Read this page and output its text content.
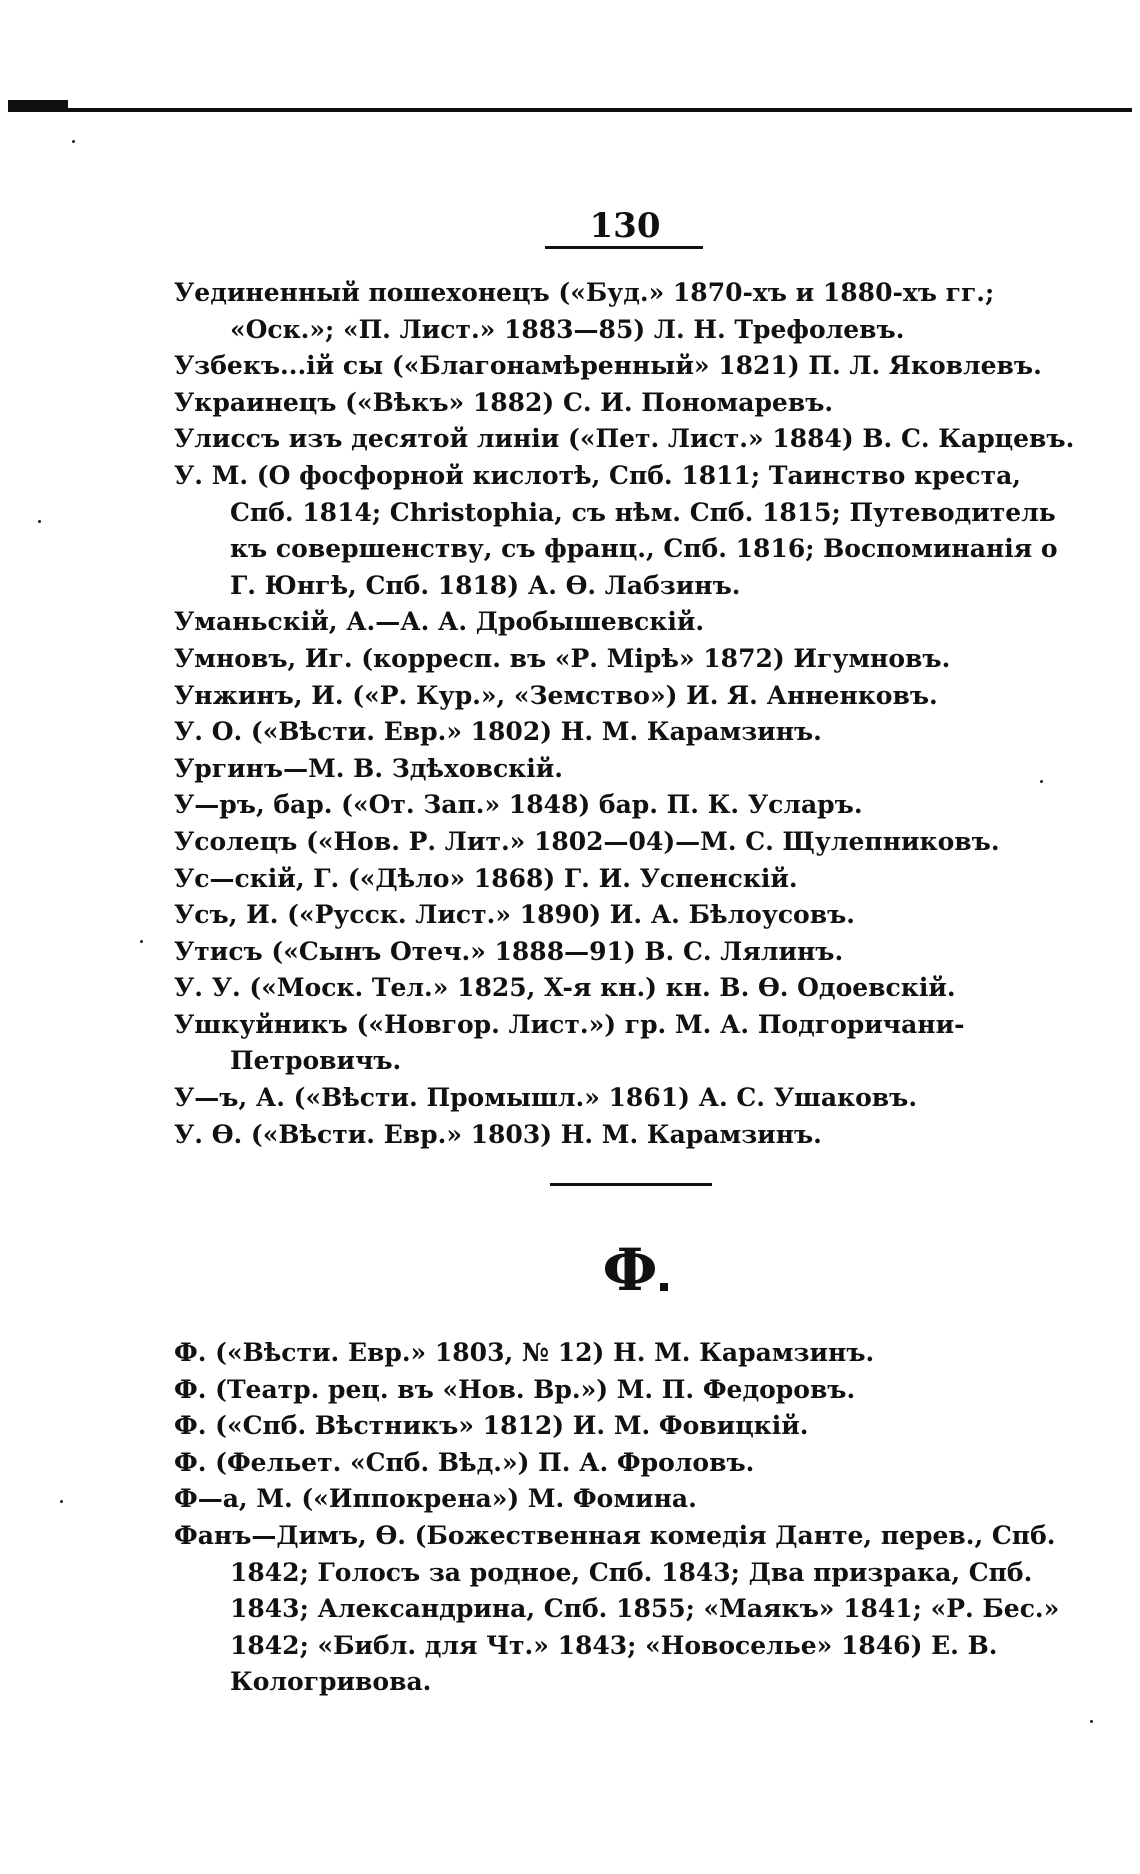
130
Уединенный пошехонецъ («Буд.» 1870-хъ и 1880-хъ гг.; «Оск.»; «П. Лист.» 1883—85) Л. Н. Трефолевъ.
Узбекъ...ій сы («Благонамѣренный» 1821) П. Л. Яковлевъ.
Украинецъ («Вѣкъ» 1882) С. И. Пономаревъ.
Улиссъ изъ десятой линіи («Пет. Лист.» 1884) В. С. Карцевъ.
У. М. (О фосфорной кислотѣ, Спб. 1811; Таинство креста, Спб. 1814; Christophia, съ нѣм. Спб. 1815; Путеводитель къ совершенству, съ франц., Спб. 1816; Воспоминанія о Г. Юнгѣ, Спб. 1818) А. Ѳ. Лабзинъ.
Уманьскій, А.—А. А. Дробышевскій.
Умновъ, Иг. (корресп. въ «Р. Мірѣ» 1872) Игумновъ.
Унжинъ, И. («Р. Кур.», «Земство») И. Я. Анненковъ.
У. О. («Вѣсти. Евр.» 1802) Н. М. Карамзинъ.
Ургинъ—М. В. Здѣховскій.
У—ръ, бар. («От. Зап.» 1848) бар. П. К. Усларъ.
Усолецъ («Нов. Р. Лит.» 1802—04)—М. С. Щулепниковъ.
Ус—скій, Г. («Дѣло» 1868) Г. И. Успенскій.
Усъ, И. («Русск. Лист.» 1890) И. А. Бѣлоусовъ.
Утисъ («Сынъ Отеч.» 1888—91) В. С. Лялинъ.
У. У. («Моск. Тел.» 1825, X-я кн.) кн. В. Ѳ. Одоевскій.
Ушкуйникъ («Новгор. Лист.») гр. М. А. Подгоричани-Петровичъ.
У—ъ, А. («Вѣсти. Промышл.» 1861) А. С. Ушаковъ.
У. Ѳ. («Вѣсти. Евр.» 1803) Н. М. Карамзинъ.
Ф
Ф. («Вѣсти. Евр.» 1803, № 12) Н. М. Карамзинъ.
Ф. (Театр. рец. въ «Нов. Вр.») М. П. Федоровъ.
Ф. («Спб. Вѣстникъ» 1812) И. М. Фовицкій.
Ф. (Фельет. «Спб. Вѣд.») П. А. Фроловъ.
Ф—а, М. («Иппокрена») М. Фомина.
Фанъ—Димъ, Ѳ. (Божественная комедія Данте, перев., Спб. 1842; Голосъ за родное, Спб. 1843; Два призрака, Спб. 1843; Александрина, Спб. 1855; «Маякъ» 1841; «Р. Бес.» 1842; «Библ. для Чт.» 1843; «Новоселье» 1846) Е. В. Кологривова.
